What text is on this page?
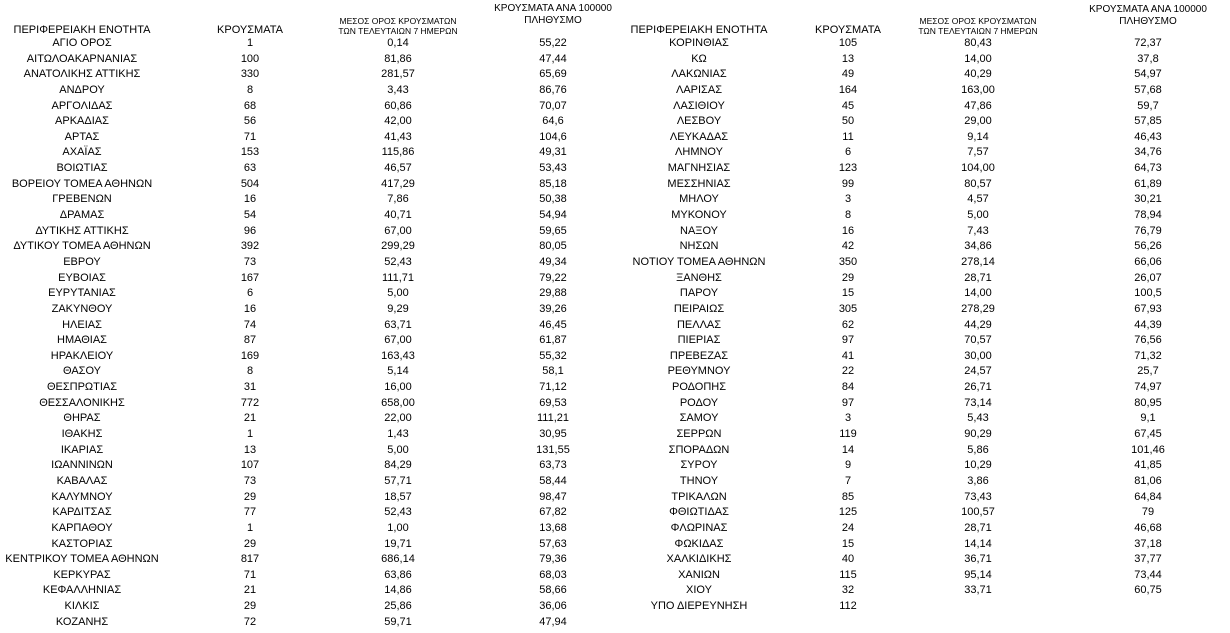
ΠΕΡΙΦΕΡΕΙΑΚΗ ΕΝΟΤΗΤΑ	ΚΡΟΥΣΜΑΤΑ
ΜΕΣΟΣ ΟΡΟΣ ΚΡΟΥΣΜΑΤΩΝ
ΤΩΝ ΤΕΛΕΥΤΑΙΩΝ 7 ΗΜΕΡΩΝ
ΚΡΟΥΣΜΑΤΑ ΑΝΑ 100000
ΠΛΗΘΥΣΜΟ
ΑΓΙΟ ΟΡΟΣ	1	0,14	55,22
ΑΙΤΩΛΟΑΚΑΡΝΑΝΙΑΣ	100	81,86	47,44
ΑΝΑΤΟΛΙΚΗΣ ΑΤΤΙΚΗΣ	330	281,57	65,69
ΑΝΔΡΟΥ	8	3,43	86,76
ΑΡΓΟΛΙΔΑΣ	68	60,86	70,07
ΑΡΚΑΔΙΑΣ	56	42,00	64,6
ΑΡΤΑΣ	71	41,43	104,6
ΑΧΑΪΑΣ	153	115,86	49,31
ΒΟΙΩΤΙΑΣ	63	46,57	53,43
ΒΟΡΕΙΟΥ ΤΟΜΕΑ ΑΘΗΝΩΝ	504	417,29	85,18
ΓΡΕΒΕΝΩΝ	16	7,86	50,38
ΔΡΑΜΑΣ	54	40,71	54,94
ΔΥΤΙΚΗΣ ΑΤΤΙΚΗΣ	96	67,00	59,65
ΔΥΤΙΚΟΥ ΤΟΜΕΑ ΑΘΗΝΩΝ	392	299,29	80,05
ΕΒΡΟΥ	73	52,43	49,34
ΕΥΒΟΙΑΣ	167	111,71	79,22
ΕΥΡΥΤΑΝΙΑΣ	6	5,00	29,88
ΖΑΚΥΝΘΟΥ	16	9,29	39,26
ΗΛΕΙΑΣ	74	63,71	46,45
ΗΜΑΘΙΑΣ	87	67,00	61,87
ΗΡΑΚΛΕΙΟΥ	169	163,43	55,32
ΘΑΣΟΥ	8	5,14	58,1
ΘΕΣΠΡΩΤΙΑΣ	31	16,00	71,12
ΘΕΣΣΑΛΟΝΙΚΗΣ	772	658,00	69,53
ΘΗΡΑΣ	21	22,00	111,21
ΙΘΑΚΗΣ	1	1,43	30,95
ΙΚΑΡΙΑΣ	13	5,00	131,55
ΙΩΑΝΝΙΝΩΝ	107	84,29	63,73
ΚΑΒΑΛΑΣ	73	57,71	58,44
ΚΑΛΥΜΝΟΥ	29	18,57	98,47
ΚΑΡΔΙΤΣΑΣ	77	52,43	67,82
ΚΑΡΠΑΘΟΥ	1	1,00	13,68
ΚΑΣΤΟΡΙΑΣ	29	19,71	57,63
ΚΕΝΤΡΙΚΟΥ ΤΟΜΕΑ ΑΘΗΝΩΝ	817	686,14	79,36
ΚΕΡΚΥΡΑΣ	71	63,86	68,03
ΚΕΦΑΛΛΗΝΙΑΣ	21	14,86	58,66
ΚΙΛΚΙΣ	29	25,86	36,06
ΚΟΖΑΝΗΣ	72	59,71	47,94
ΠΕΡΙΦΕΡΕΙΑΚΗ ΕΝΟΤΗΤΑ	ΚΡΟΥΣΜΑΤΑ
ΜΕΣΟΣ ΟΡΟΣ ΚΡΟΥΣΜΑΤΩΝ
ΤΩΝ ΤΕΛΕΥΤΑΙΩΝ 7 ΗΜΕΡΩΝ
ΚΡΟΥΣΜΑΤΑ ΑΝΑ 100000
ΠΛΗΘΥΣΜΟ
ΚΟΡΙΝΘΙΑΣ	105	80,43	72,37
ΚΩ	13	14,00	37,8
ΛΑΚΩΝΙΑΣ	49	40,29	54,97
ΛΑΡΙΣΑΣ	164	163,00	57,68
ΛΑΣΙΘΙΟΥ	45	47,86	59,7
ΛΕΣΒΟΥ	50	29,00	57,85
ΛΕΥΚΑΔΑΣ	11	9,14	46,43
ΛΗΜΝΟΥ	6	7,57	34,76
ΜΑΓΝΗΣΙΑΣ	123	104,00	64,73
ΜΕΣΣΗΝΙΑΣ	99	80,57	61,89
ΜΗΛΟΥ	3	4,57	30,21
ΜΥΚΟΝΟΥ	8	5,00	78,94
ΝΑΞΟΥ	16	7,43	76,79
ΝΗΣΩΝ	42	34,86	56,26
ΝΟΤΙΟΥ ΤΟΜΕΑ ΑΘΗΝΩΝ	350	278,14	66,06
ΞΑΝΘΗΣ	29	28,71	26,07
ΠΑΡΟΥ	15	14,00	100,5
ΠΕΙΡΑΙΩΣ	305	278,29	67,93
ΠΕΛΛΑΣ	62	44,29	44,39
ΠΙΕΡΙΑΣ	97	70,57	76,56
ΠΡΕΒΕΖΑΣ	41	30,00	71,32
ΡΕΘΥΜΝΟΥ	22	24,57	25,7
ΡΟΔΟΠΗΣ	84	26,71	74,97
ΡΟΔΟΥ	97	73,14	80,95
ΣΑΜΟΥ	3	5,43	9,1
ΣΕΡΡΩΝ	119	90,29	67,45
ΣΠΟΡΑΔΩΝ	14	5,86	101,46
ΣΥΡΟΥ	9	10,29	41,85
ΤΗΝΟΥ	7	3,86	81,06
ΤΡΙΚΑΛΩΝ	85	73,43	64,84
ΦΘΙΩΤΙΔΑΣ	125	100,57	79
ΦΛΩΡΙΝΑΣ	24	28,71	46,68
ΦΩΚΙΔΑΣ	15	14,14	37,18
ΧΑΛΚΙΔΙΚΗΣ	40	36,71	37,77
ΧΑΝΙΩΝ	115	95,14	73,44
ΧΙΟΥ	32	33,71	60,75
ΥΠΟ ΔΙΕΡΕΥΝΗΣΗ	112
